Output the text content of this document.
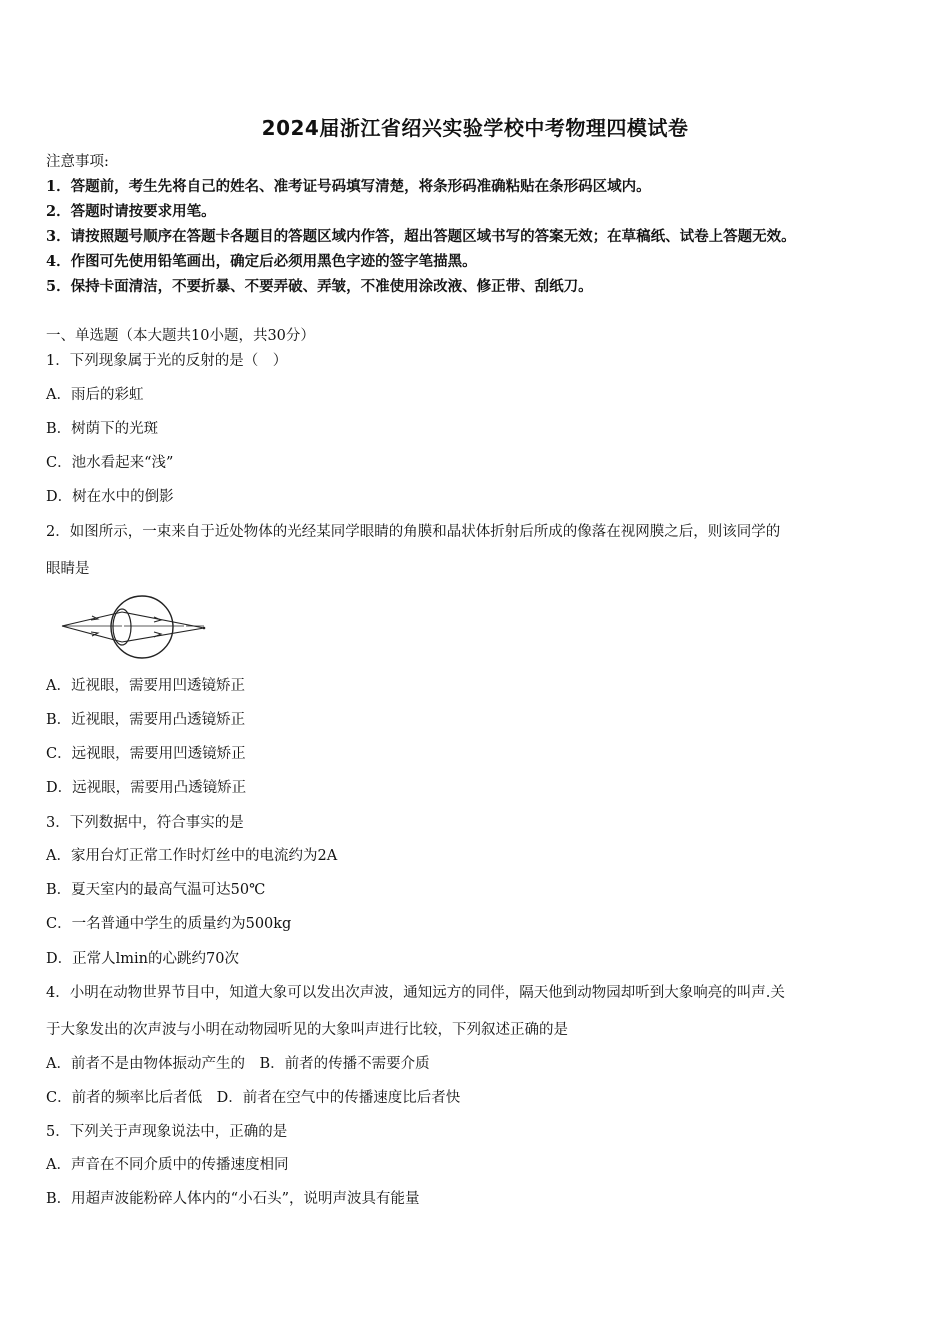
2024届浙江省绍兴实验学校中考物理四模试卷
注意事项:
1．答题前，考生先将自己的姓名、准考证号码填写清楚，将条形码准确粘贴在条形码区域内。
2．答题时请按要求用笔。
3．请按照题号顺序在答题卡各题目的答题区域内作答，超出答题区域书写的答案无效；在草稿纸、试卷上答题无效。
4．作图可先使用铅笔画出，确定后必须用黑色字迹的签字笔描黑。
5．保持卡面清洁，不要折暴、不要弄破、弄皱，不准使用涂改液、修正带、刮纸刀。
一、单选题（本大题共10小题，共30分）
1．下列现象属于光的反射的是（　）
A．雨后的彩虹
B．树荫下的光斑
C．池水看起来“浅”
D．树在水中的倒影
2．如图所示，一束来自于近处物体的光经某同学眼睛的角膜和晶状体折射后所成的像落在视网膜之后，则该同学的
眼睛是
A．近视眼，需要用凹透镜矫正
B．近视眼，需要用凸透镜矫正
C．远视眼，需要用凹透镜矫正
D．远视眼，需要用凸透镜矫正
3．下列数据中，符合事实的是
A．家用台灯正常工作时灯丝中的电流约为2A
B．夏天室内的最高气温可达50℃
C．一名普通中学生的质量约为500kg
D．正常人lmin的心跳约70次
4．小明在动物世界节目中，知道大象可以发出次声波，通知远方的同伴，隔天他到动物园却听到大象响亮的叫声.关
于大象发出的次声波与小明在动物园听见的大象叫声进行比较，下列叙述正确的是
A．前者不是由物体振动产生的　B．前者的传播不需要介质
C．前者的频率比后者低　D．前者在空气中的传播速度比后者快
5．下列关于声现象说法中，正确的是
A．声音在不同介质中的传播速度相同
B．用超声波能粉碎人体内的“小石头”，说明声波具有能量
